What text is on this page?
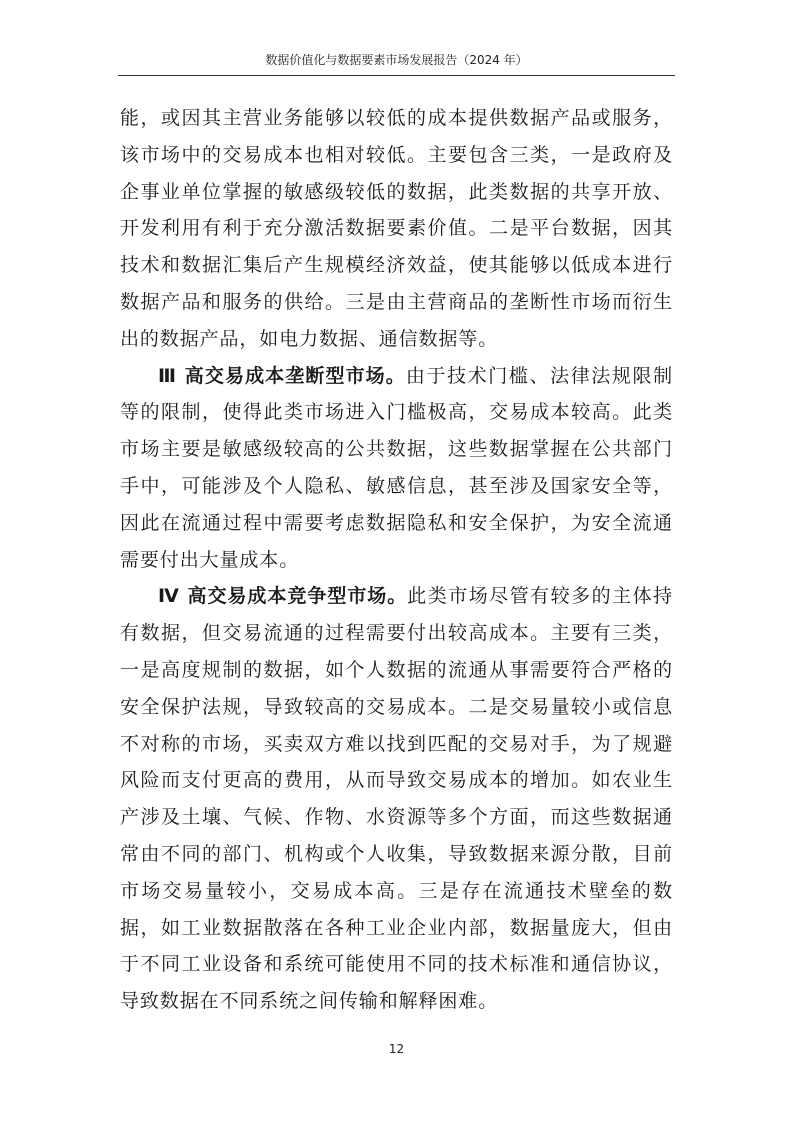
数据价值化与数据要素市场发展报告（2024 年）

能，或因其主营业务能够以较低的成本提供数据产品或服务，该市场中的交易成本也相对较低。主要包含三类，一是政府及企事业单位掌握的敏感级较低的数据，此类数据的共享开放、开发利用有利于充分激活数据要素价值。二是平台数据，因其技术和数据汇集后产生规模经济效益，使其能够以低成本进行数据产品和服务的供给。三是由主营商品的垄断性市场而衍生出的数据产品，如电力数据、通信数据等。

Ⅲ 高交易成本垄断型市场。由于技术门槛、法律法规限制等的限制，使得此类市场进入门槛极高，交易成本较高。此类市场主要是敏感级较高的公共数据，这些数据掌握在公共部门手中，可能涉及个人隐私、敏感信息，甚至涉及国家安全等，因此在流通过程中需要考虑数据隐私和安全保护，为安全流通需要付出大量成本。

Ⅳ 高交易成本竞争型市场。此类市场尽管有较多的主体持有数据，但交易流通的过程需要付出较高成本。主要有三类，一是高度规制的数据，如个人数据的流通从事需要符合严格的安全保护法规，导致较高的交易成本。二是交易量较小或信息不对称的市场，买卖双方难以找到匹配的交易对手，为了规避风险而支付更高的费用，从而导致交易成本的增加。如农业生产涉及土壤、气候、作物、水资源等多个方面，而这些数据通常由不同的部门、机构或个人收集，导致数据来源分散，目前市场交易量较小，交易成本高。三是存在流通技术壁垒的数据，如工业数据散落在各种工业企业内部，数据量庞大，但由于不同工业设备和系统可能使用不同的技术标准和通信协议，导致数据在不同系统之间传输和解释困难。

12
